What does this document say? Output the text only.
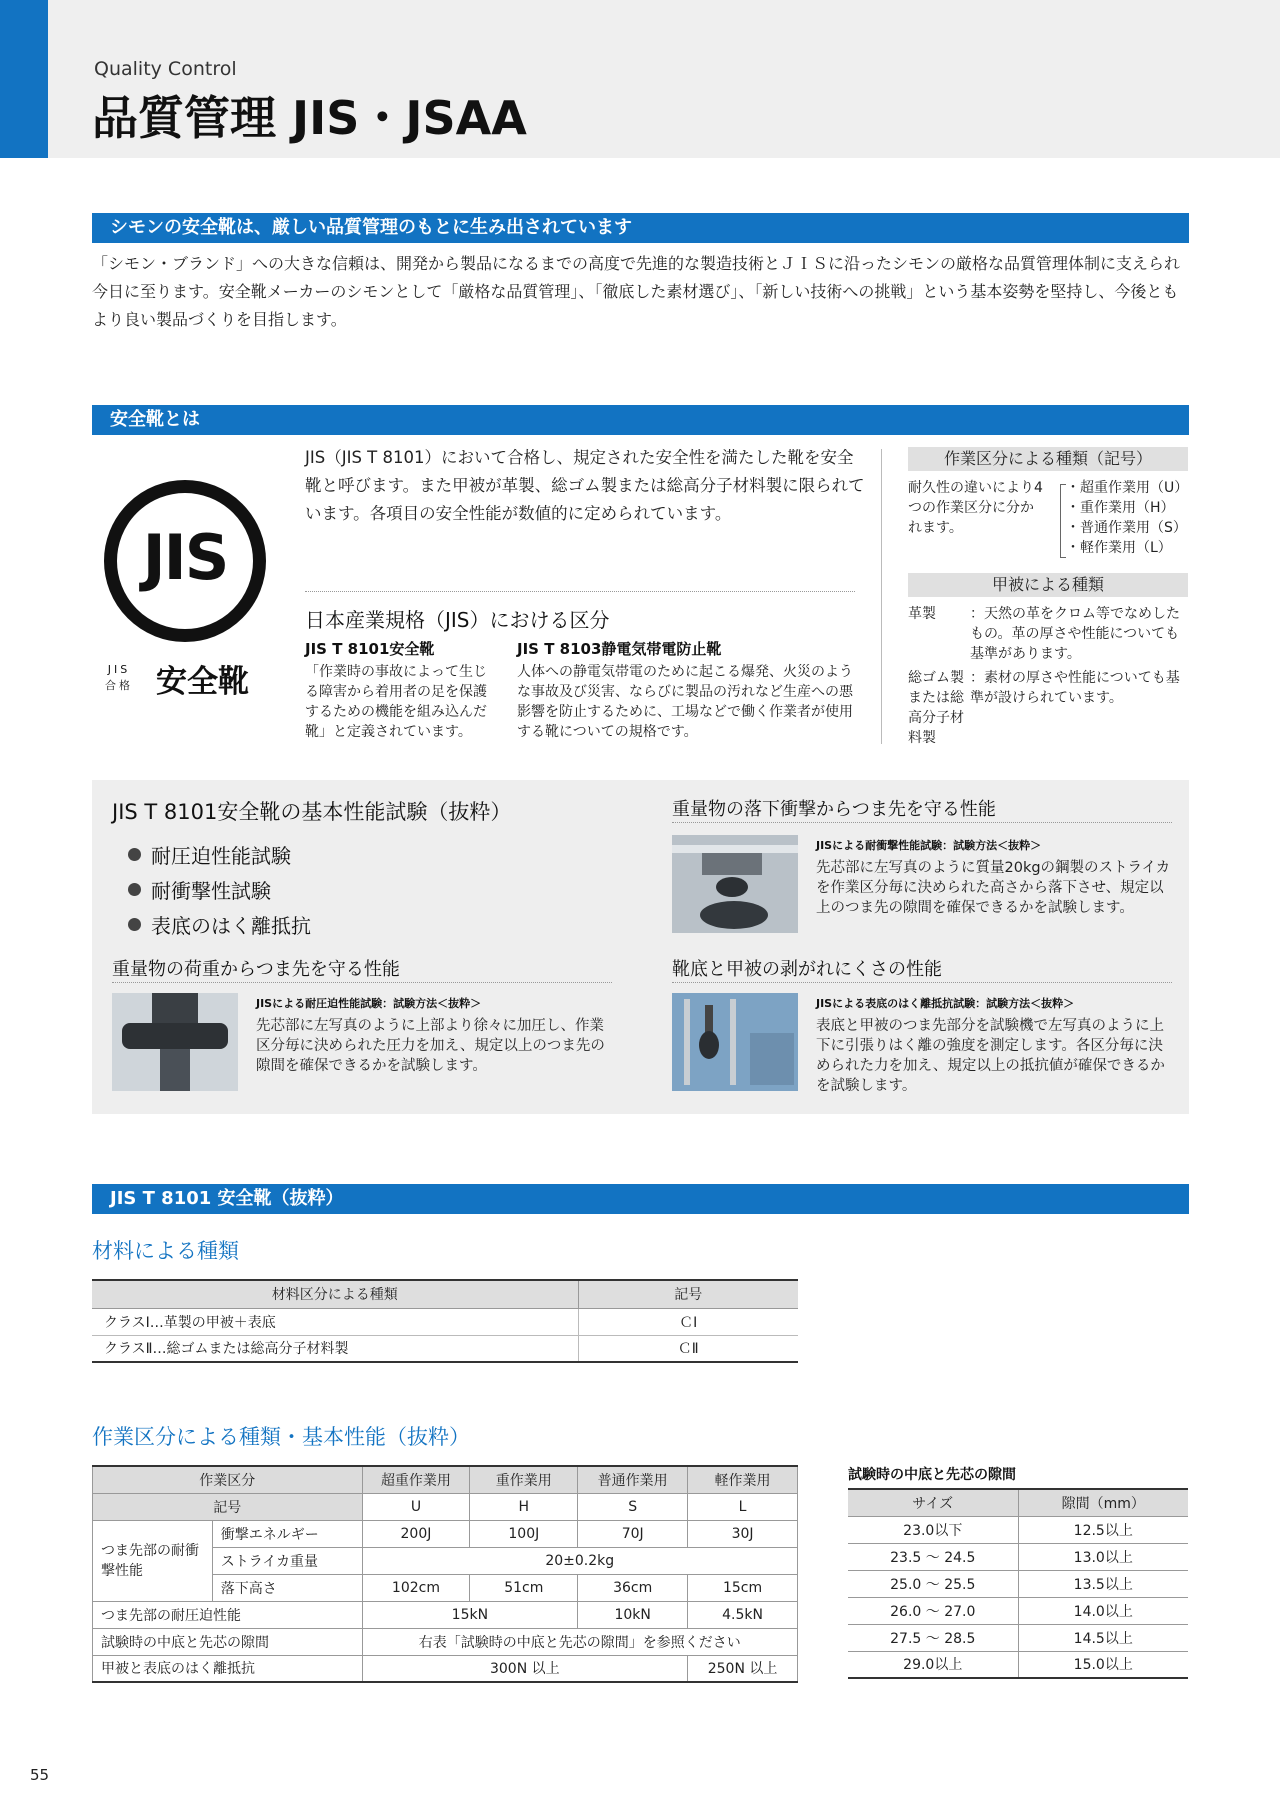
Quality Control
品質管理 JIS・JSAA
シモンの安全靴は、厳しい品質管理のもとに生み出されています
「シモン・ブランド」への大きな信頼は、開発から製品になるまでの高度で先進的な製造技術とＪＩＳに沿ったシモンの厳格な品質管理体制に支えられ今日に至ります。安全靴メーカーのシモンとして「厳格な品質管理」、「徹底した素材選び」、「新しい技術への挑戦」という基本姿勢を堅持し、今後ともより良い製品づくりを目指します。
安全靴とは
JIS
JIS 合格 安全靴
JIS（JIS T 8101）において合格し、規定された安全性を満たした靴を安全靴と呼びます。また甲被が革製、総ゴム製または総高分子材料製に限られています。各項目の安全性能が数値的に定められています。
日本産業規格（JIS）における区分
JIS T 8101安全靴
「作業時の事故によって生じる障害から着用者の足を保護するための機能を組み込んだ靴」と定義されています。
JIS T 8103静電気帯電防止靴
人体への静電気帯電のために起こる爆発、火災のような事故及び災害、ならびに製品の汚れなど生産への悪影響を防止するために、工場などで働く作業者が使用する靴についての規格です。
作業区分による種類（記号）
耐久性の違いにより4つの作業区分に分かれます。
・超重作業用（U）
・重作業用（H）
・普通作業用（S）
・軽作業用（L）
甲被による種類
革製	：天然の革をクロム等でなめしたもの。革の厚さや性能についても基準があります。
総ゴム製または総高分子材料製
：素材の厚さや性能についても基準が設けられています。
JIS T 8101安全靴の基本性能試験（抜粋）
耐圧迫性能試験
耐衝撃性試験
表底のはく離抵抗
重量物の荷重からつま先を守る性能
JISによる耐圧迫性能試験：試験方法＜抜粋＞
先芯部に左写真のように上部より徐々に加圧し、作業区分毎に決められた圧力を加え、規定以上のつま先の隙間を確保できるかを試験します。
重量物の落下衝撃からつま先を守る性能
JISによる耐衝撃性能試験：試験方法＜抜粋＞
先芯部に左写真のように質量20kgの鋼製のストライカを作業区分毎に決められた高さから落下させ、規定以上のつま先の隙間を確保できるかを試験します。
靴底と甲被の剥がれにくさの性能
JISによる表底のはく離抵抗試験：試験方法＜抜粋＞
表底と甲被のつま先部分を試験機で左写真のように上下に引張りはく離の強度を測定します。各区分毎に決められた力を加え、規定以上の抵抗値が確保できるかを試験します。
JIS T 8101 安全靴（抜粋）
材料による種類
材料区分による種類	記号
クラスⅠ…革製の甲被＋表底	ＣⅠ
クラスⅡ…総ゴムまたは総高分子材料製	ＣⅡ
作業区分による種類・基本性能（抜粋）
作業区分		超重作業用	重作業用	普通作業用	軽作業用
記号		U	H	S	L
つま先部の耐衝撃性能	衝撃エネルギー	200J	100J	70J	30J
	ストライカ重量	20±0.2kg			
	落下高さ	102cm	51cm	36cm	15cm
つま先部の耐圧迫性能		15kN		10kN	4.5kN
試験時の中底と先芯の隙間		右表「試験時の中底と先芯の隙間」を参照ください			
甲被と表底のはく離抵抗		300N 以上			250N 以上
試験時の中底と先芯の隙間
サイズ	隙間（mm）
23.0以下	12.5以上
23.5 ～ 24.5	13.0以上
25.0 ～ 25.5	13.5以上
26.0 ～ 27.0	14.0以上
27.5 ～ 28.5	14.5以上
29.0以上	15.0以上
55
